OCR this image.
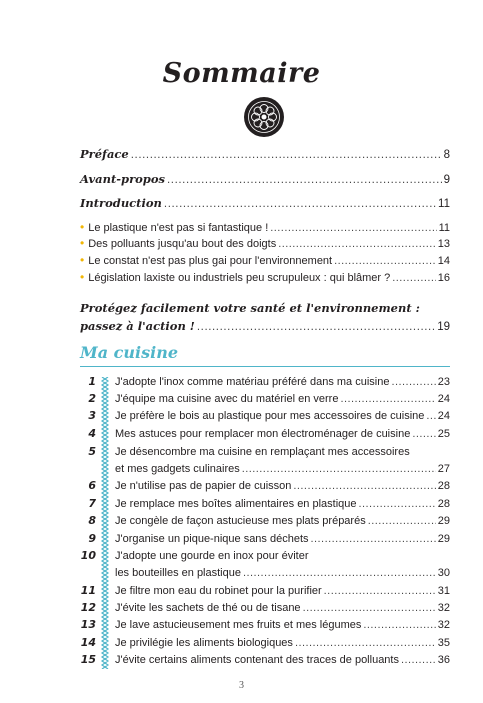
Sommaire
Préface . . .	8
Avant-propos . . .	9
Introduction . . .	11
• Le plastique n'est pas si fantastique ! . . .	11
• Des polluants jusqu'au bout des doigts . . .	13
• Le constat n'est pas plus gai pour l'environnement . . .	14
• Législation laxiste ou industriels peu scrupuleux : qui blâmer ? . . .	16
Protégez facilement votre santé et l'environnement :
passez à l'action ! . . .	19
Ma cuisine
1 J'adopte l'inox comme matériau préféré dans ma cuisine . . .	23
2 J'équipe ma cuisine avec du matériel en verre . . .	24
3 Je préfère le bois au plastique pour mes accessoires de cuisine . . . 24
4 Mes astuces pour remplacer mon électroménager de cuisine . . . 25
5 Je désencombre ma cuisine en remplaçant mes accessoires
et mes gadgets culinaires . . .	27
6 Je n'utilise pas de papier de cuisson . . .	28
7 Je remplace mes boîtes alimentaires en plastique . . .	28
8 Je congèle de façon astucieuse mes plats préparés . . .	29
9 J'organise un pique-nique sans déchets . . .	29
10 J'adopte une gourde en inox pour éviter
les bouteilles en plastique . . .	30
11 Je filtre mon eau du robinet pour la purifier . . .	31
12 J'évite les sachets de thé ou de tisane . . .	32
13 Je lave astucieusement mes fruits et mes légumes . . .	32
14 Je privilégie les aliments biologiques . . .	35
15 J'évite certains aliments contenant des traces de polluants . . .	36
3
